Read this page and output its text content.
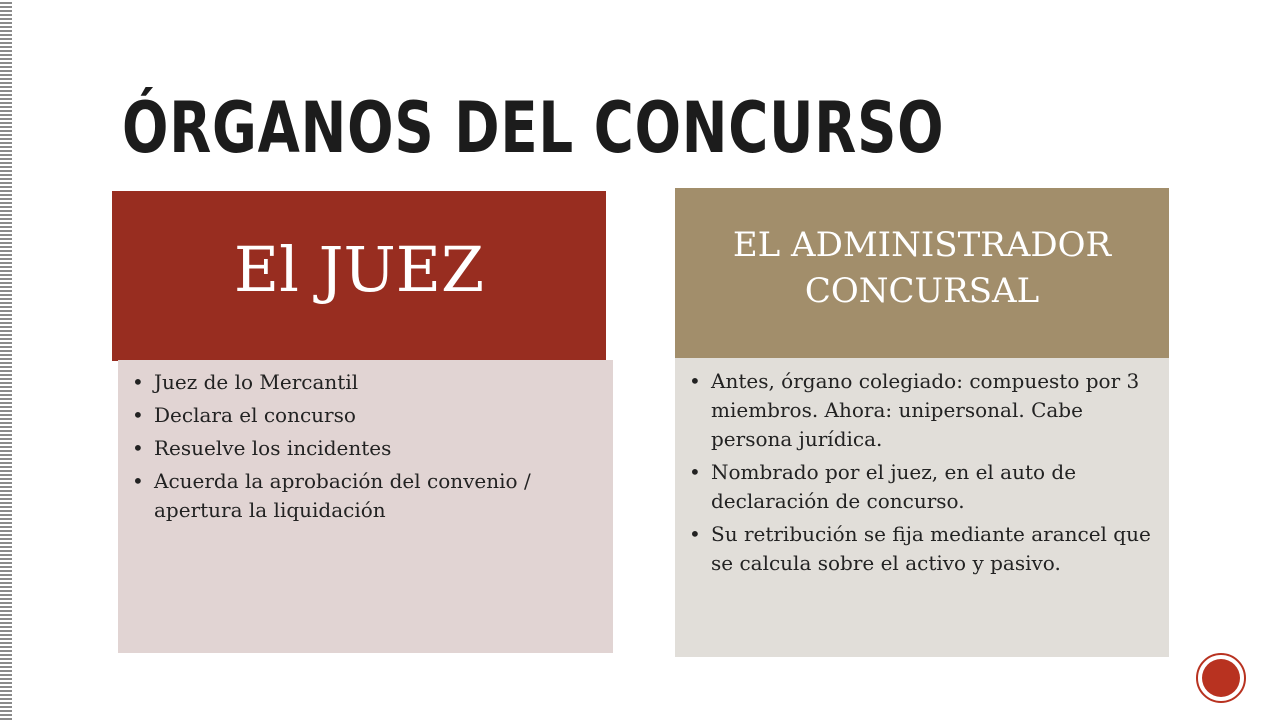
ÓRGANOS DEL CONCURSO
El JUEZ
• Juez de lo Mercantil
• Declara el concurso
• Resuelve los incidentes
• Acuerda la aprobación del convenio / apertura la liquidación
EL ADMINISTRADOR CONCURSAL
• Antes, órgano colegiado: compuesto por 3 miembros. Ahora: unipersonal. Cabe persona jurídica.
• Nombrado por el juez, en el auto de declaración de concurso.
• Su retribución se fija mediante arancel que se calcula sobre el activo y pasivo.
